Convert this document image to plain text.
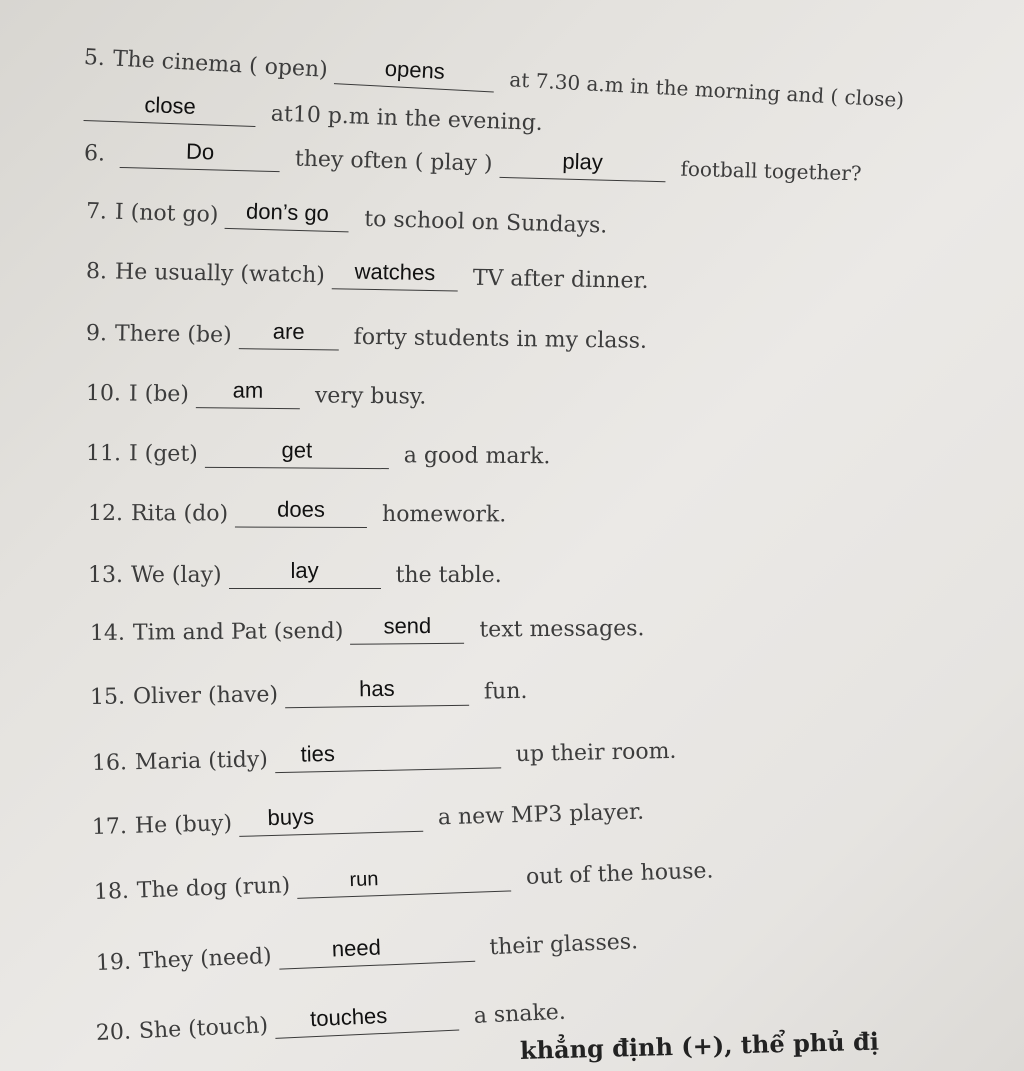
5. The cinema ( open)	opens	at 7.30 a.m in the morning and ( close)
close	at10 p.m in the evening.
6.	Do	they often ( play )	play	football together?
7. I (not go) don’s go to school on Sundays.
8. He usually (watch) watches TV after dinner.
9. There (be) are forty students in my class.
10. I (be) am very busy.
11. I (get)	get	a good mark.
12. Rita (do) does	homework.
13. We (lay)	lay	the table.
14. Tim and Pat (send) send text messages.
15. Oliver (have)	has	fun.
16. Maria (tidy) ties	up their room.
17. He (buy) buys	a new MP3 player.
18. The dog (run)	run	out of the house.
19. They (need)	need	their glasses.
20. She (touch) touches	a snake.
khẳng định (+), thể phủ đị
